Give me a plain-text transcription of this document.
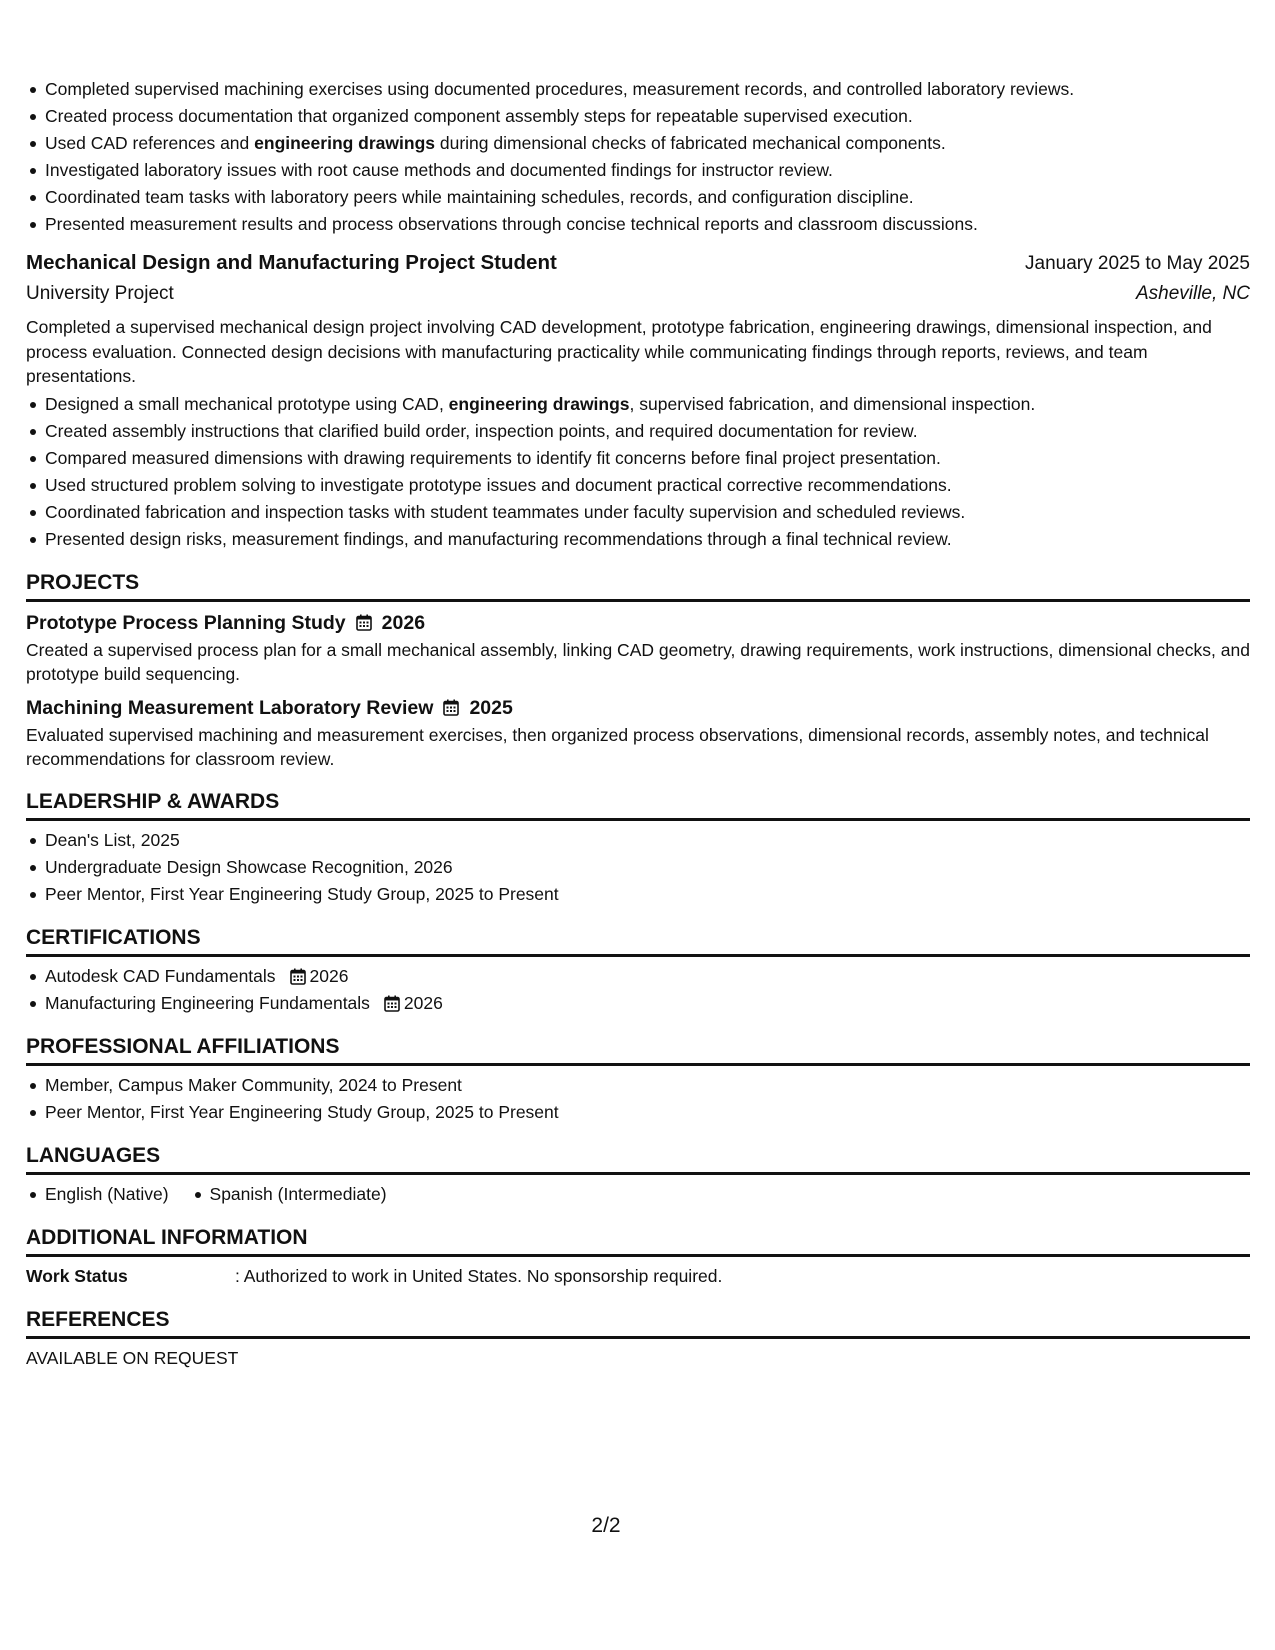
Completed supervised machining exercises using documented procedures, measurement records, and controlled laboratory reviews.
Created process documentation that organized component assembly steps for repeatable supervised execution.
Used CAD references and engineering drawings during dimensional checks of fabricated mechanical components.
Investigated laboratory issues with root cause methods and documented findings for instructor review.
Coordinated team tasks with laboratory peers while maintaining schedules, records, and configuration discipline.
Presented measurement results and process observations through concise technical reports and classroom discussions.
Mechanical Design and Manufacturing Project Student	January 2025 to May 2025
University Project	Asheville, NC

Completed a supervised mechanical design project involving CAD development, prototype fabrication, engineering drawings, dimensional inspection, and process evaluation. Connected design decisions with manufacturing practicality while communicating findings through reports, reviews, and team presentations.

Designed a small mechanical prototype using CAD, engineering drawings, supervised fabrication, and dimensional inspection.
Created assembly instructions that clarified build order, inspection points, and required documentation for review.
Compared measured dimensions with drawing requirements to identify fit concerns before final project presentation.
Used structured problem solving to investigate prototype issues and document practical corrective recommendations.
Coordinated fabrication and inspection tasks with student teammates under faculty supervision and scheduled reviews.
Presented design risks, measurement findings, and manufacturing recommendations through a final technical review.
PROJECTS
Prototype Process Planning Study 2026

Created a supervised process plan for a small mechanical assembly, linking CAD geometry, drawing requirements, work instructions, dimensional checks, and prototype build sequencing.

Machining Measurement Laboratory Review 2025

Evaluated supervised machining and measurement exercises, then organized process observations, dimensional records, assembly notes, and technical recommendations for classroom review.

LEADERSHIP & AWARDS
Dean's List, 2025
Undergraduate Design Showcase Recognition, 2026
Peer Mentor, First Year Engineering Study Group, 2025 to Present
CERTIFICATIONS
Autodesk CAD Fundamentals 2026
Manufacturing Engineering Fundamentals 2026
PROFESSIONAL AFFILIATIONS
Member, Campus Maker Community, 2024 to Present
Peer Mentor, First Year Engineering Study Group, 2025 to Present
LANGUAGES
English (Native)	Spanish (Intermediate)
ADDITIONAL INFORMATION
Work Status	: Authorized to work in United States. No sponsorship required.
REFERENCES

AVAILABLE ON REQUEST

2/2
